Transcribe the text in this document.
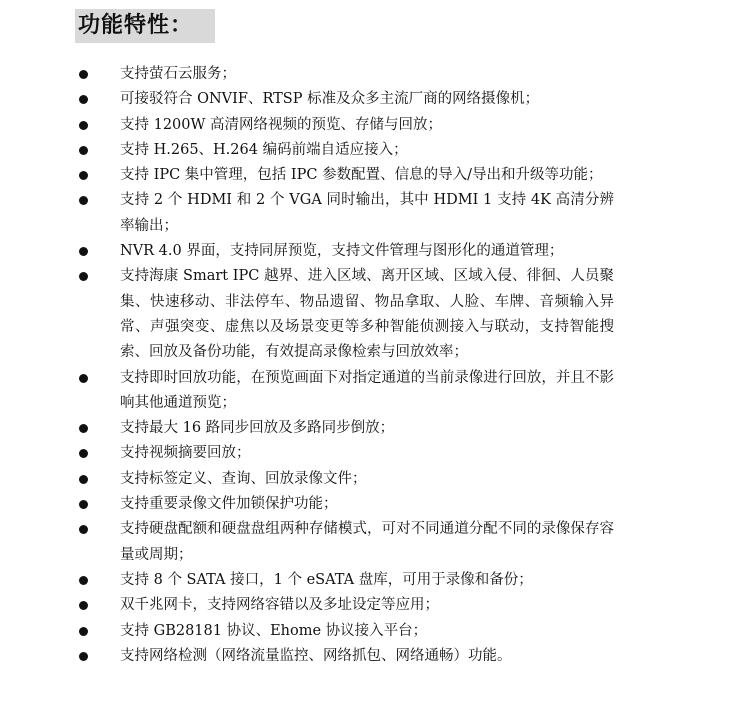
功能特性：
支持萤石云服务；
可接驳符合 ONVIF、RTSP 标准及众多主流厂商的网络摄像机；
支持 1200W 高清网络视频的预览、存储与回放；
支持 H.265、H.264 编码前端自适应接入；
支持 IPC 集中管理，包括 IPC 参数配置、信息的导入/导出和升级等功能；
支持 2 个 HDMI 和 2 个 VGA 同时输出，其中 HDMI 1 支持 4K 高清分辨率输出；
NVR 4.0 界面，支持同屏预览，支持文件管理与图形化的通道管理；
支持海康 Smart IPC 越界、进入区域、离开区域、区域入侵、徘徊、人员聚集、快速移动、非法停车、物品遗留、物品拿取、人脸、车牌、音频输入异常、声强突变、虚焦以及场景变更等多种智能侦测接入与联动，支持智能搜索、回放及备份功能，有效提高录像检索与回放效率；
支持即时回放功能，在预览画面下对指定通道的当前录像进行回放，并且不影响其他通道预览；
支持最大 16 路同步回放及多路同步倒放；
支持视频摘要回放；
支持标签定义、查询、回放录像文件；
支持重要录像文件加锁保护功能；
支持硬盘配额和硬盘盘组两种存储模式，可对不同通道分配不同的录像保存容量或周期；
支持 8 个 SATA 接口，1 个 eSATA 盘库，可用于录像和备份；
双千兆网卡，支持网络容错以及多址设定等应用；
支持 GB28181 协议、Ehome 协议接入平台；
支持网络检测（网络流量监控、网络抓包、网络通畅）功能。
